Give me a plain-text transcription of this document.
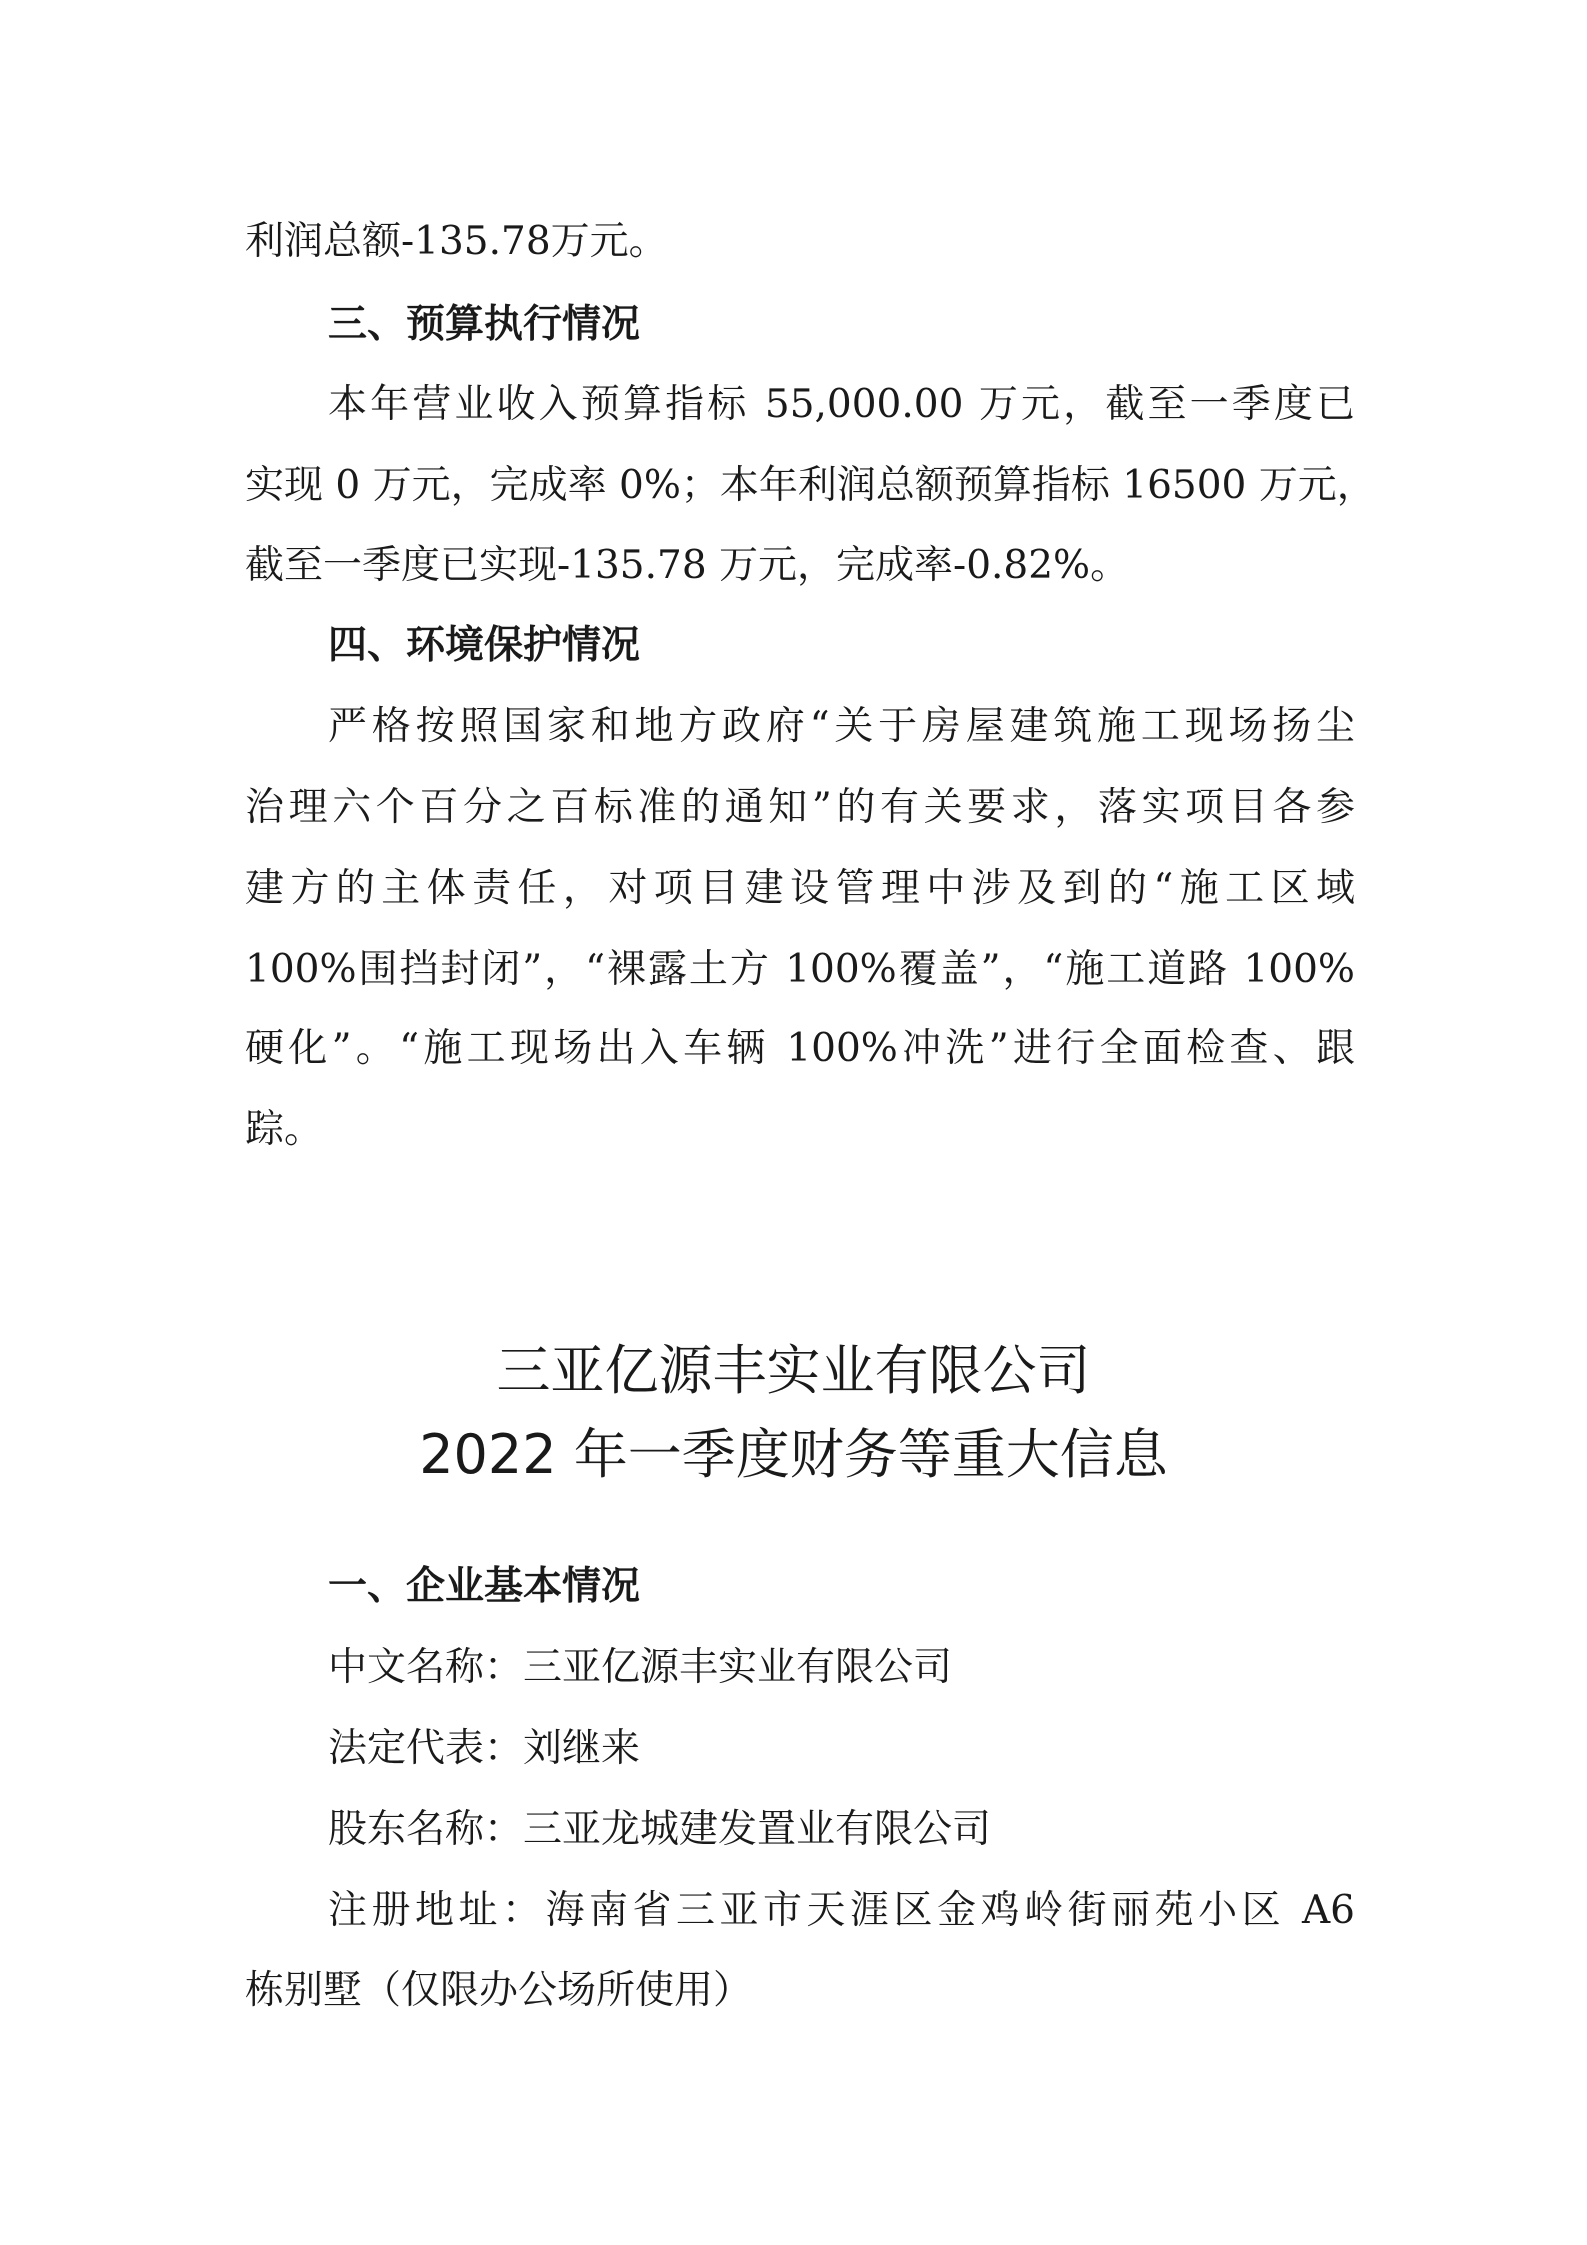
利润总额-135.78万元。
三、预算执行情况
本年营业收入预算指标 55,000.00 万元，截至一季度已
实现 0 万元，完成率 0%；本年利润总额预算指标 16500 万元，
截至一季度已实现-135.78 万元，完成率-0.82%。
四、环境保护情况
严格按照国家和地方政府“关于房屋建筑施工现场扬尘
治理六个百分之百标准的通知”的有关要求，落实项目各参
建方的主体责任，对项目建设管理中涉及到的“施工区域
100%围挡封闭”，“裸露土方 100%覆盖”，“施工道路 100%
硬化”。“施工现场出入车辆 100%冲洗”进行全面检查、跟
踪。
三亚亿源丰实业有限公司
2022 年一季度财务等重大信息
一、企业基本情况
中文名称：三亚亿源丰实业有限公司
法定代表：刘继来
股东名称：三亚龙城建发置业有限公司
注册地址：海南省三亚市天涯区金鸡岭街丽苑小区 A6
栋别墅（仅限办公场所使用）
